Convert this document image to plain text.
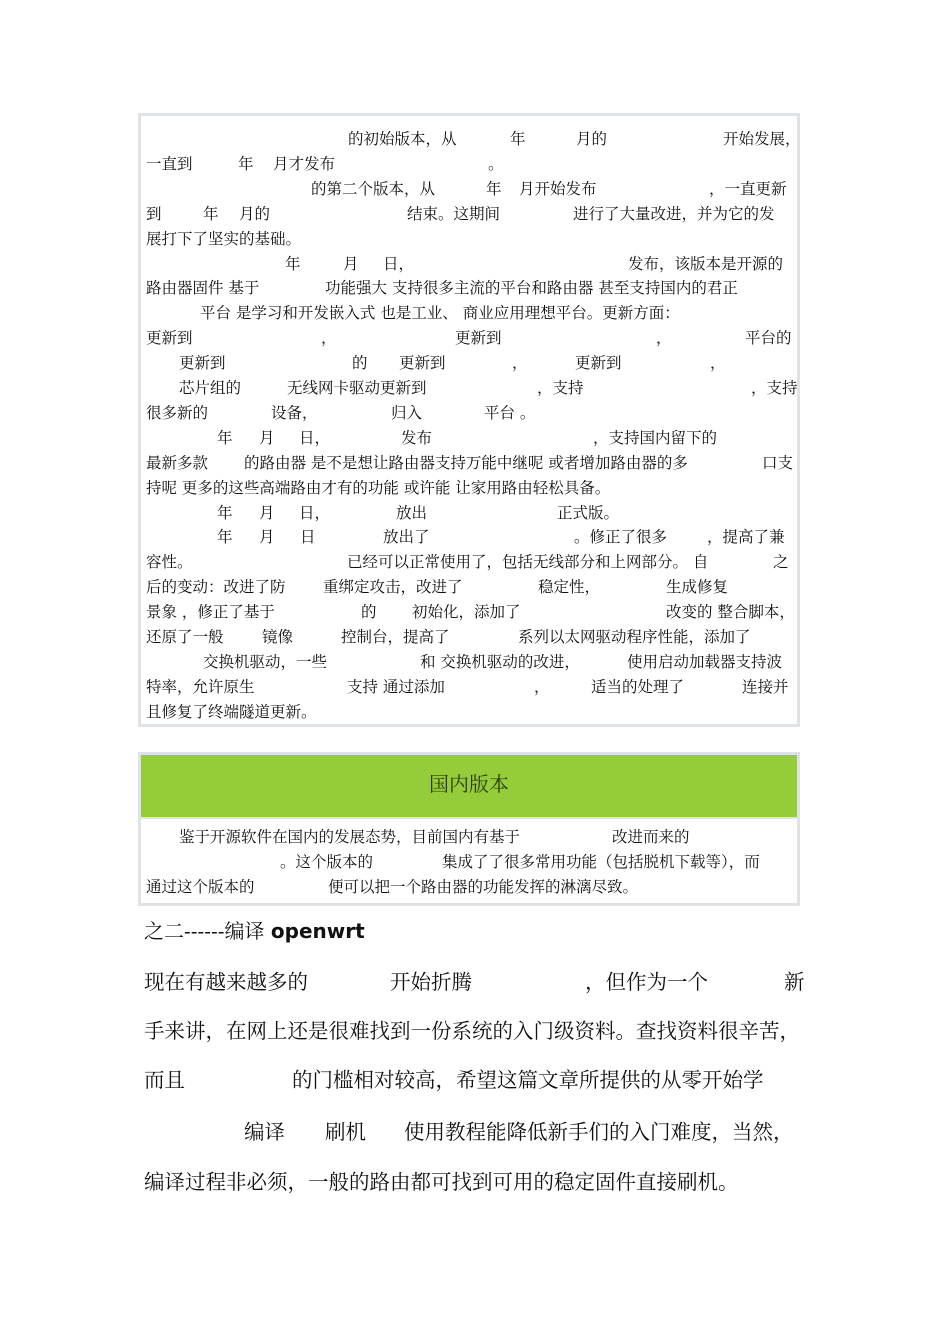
的初始版本，从	年	月的	开始发展，
一直到	年 月才发布	。
的第二个版本，从	年 月开始发布	，一直更新
到	年 月的	结束。这期间	进行了大量改进，并为它的发
展打下了坚实的基础。
年	月 日，	发布，该版本是开源的
路由器固件 基于	功能强大 支持很多主流的平台和路由器 甚至支持国内的君正
平台 是学习和开发嵌入式 也是工业、 商业应用理想平台。更新方面：
更新到	，	更新到	，	平台的
更新到	的 更新到	，	更新到	，
芯片组的	无线网卡驱动更新到	，支持	，支持
很多新的	设备，	归入	平台 。
年 月 日，	发布	，支持国内留下的
最新多款 的路由器 是不是想让路由器支持万能中继呢 或者增加路由器的多	口支
持呢 更多的这些高端路由才有的功能 或许能 让家用路由轻松具备。
年 月 日，	放出	正式版。
年 月 日	放出了	。修正了很多	，提高了兼
容性。	已经可以正常使用了，包括无线部分和上网部分。 自	之
后的变动：改进了防 重绑定攻击，改进了	稳定性，	生成修复
景象 ，修正了基于	的 初始化，添加了	改变的 整合脚本，
还原了一般 镜像	控制台，提高了	系列以太网驱动程序性能，添加了
交换机驱动，一些	和 交换机驱动的改进，	使用启动加载器支持波
特率，允许原生	支持 通过添加	，	适当的处理了	连接并
且修复了终端隧道更新。
国内版本
鉴于开源软件在国内的发展态势，目前国内有基于	改进而来的
。这个版本的	集成了了很多常用功能（包括脱机下载等），而
通过这个版本的	便可以把一个路由器的功能发挥的淋漓尽致。
之二------编译 openwrt
现在有越来越多的	开始折腾	，但作为一个	新
手来讲，在网上还是很难找到一份系统的入门级资料。查找资料很辛苦，
而且	的门槛相对较高，希望这篇文章所提供的从零开始学
编译 刷机 使用教程能降低新手们的入门难度，当然，
编译过程非必须，一般的路由都可找到可用的稳定固件直接刷机。
